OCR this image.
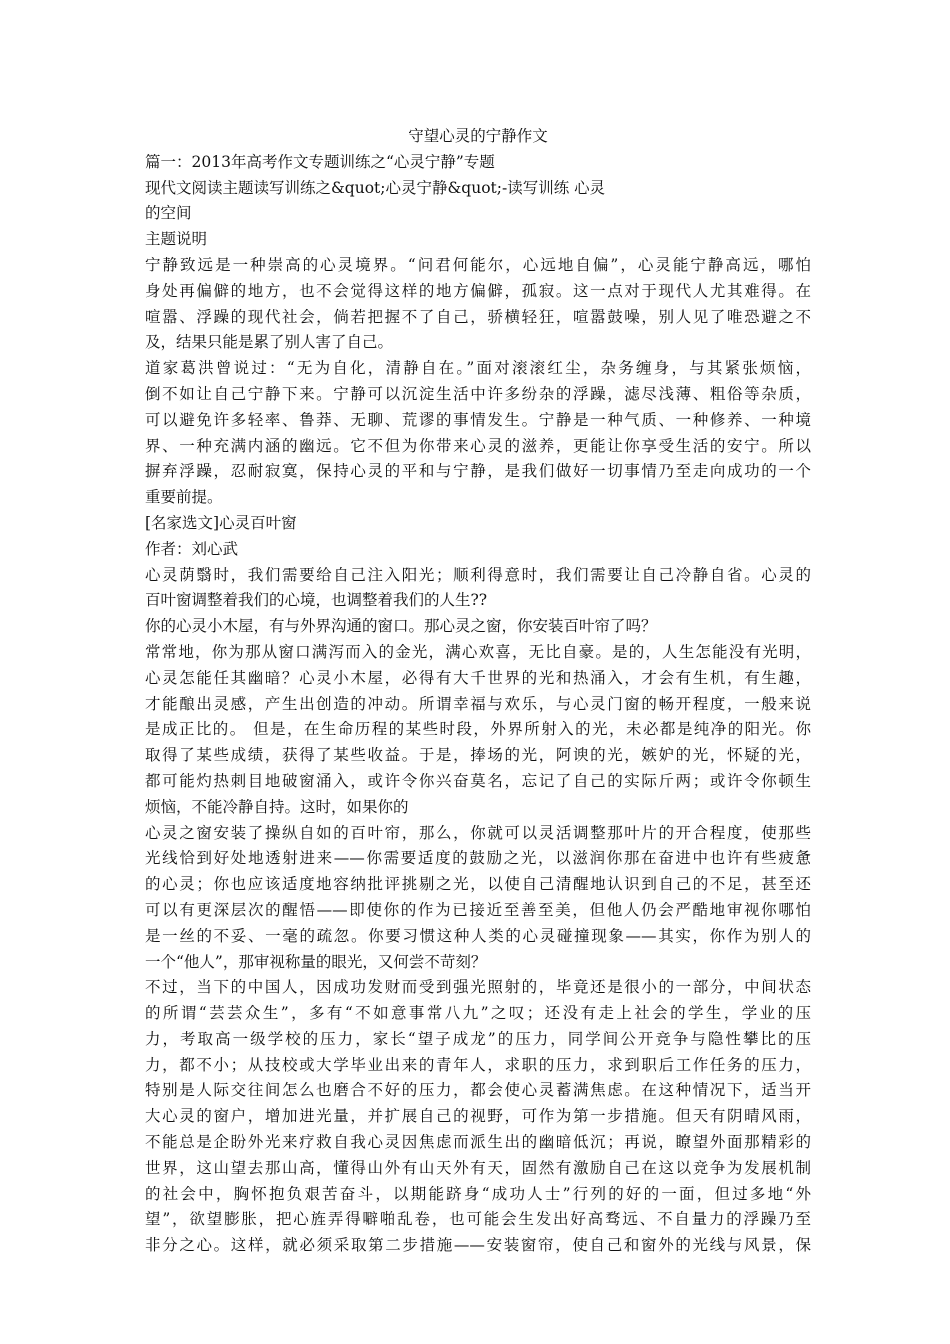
守望心灵的宁静作文
篇一：2013年高考作文专题训练之“心灵宁静”专题
现代文阅读主题读写训练之&quot;心灵宁静&quot;-读写训练 心灵
的空间
主题说明
宁静致远是一种崇高的心灵境界。“问君何能尔，心远地自偏”，心灵能宁静高远，哪怕
身处再偏僻的地方，也不会觉得这样的地方偏僻，孤寂。这一点对于现代人尤其难得。在
喧嚣、浮躁的现代社会，倘若把握不了自己，骄横轻狂，喧嚣鼓噪，别人见了唯恐避之不
及，结果只能是累了别人害了自己。
道家葛洪曾说过：“无为自化，清静自在。”面对滚滚红尘，杂务缠身，与其紧张烦恼，
倒不如让自己宁静下来。宁静可以沉淀生活中许多纷杂的浮躁，滤尽浅薄、粗俗等杂质，
可以避免许多轻率、鲁莽、无聊、荒谬的事情发生。宁静是一种气质、一种修养、一种境
界、一种充满内涵的幽远。它不但为你带来心灵的滋养，更能让你享受生活的安宁。所以
摒弃浮躁，忍耐寂寞，保持心灵的平和与宁静，是我们做好一切事情乃至走向成功的一个
重要前提。
[名家选文]心灵百叶窗
作者：刘心武
心灵荫翳时，我们需要给自己注入阳光；顺利得意时，我们需要让自己冷静自省。心灵的
百叶窗调整着我们的心境，也调整着我们的人生??
你的心灵小木屋，有与外界沟通的窗口。那心灵之窗，你安装百叶帘了吗？
常常地，你为那从窗口满泻而入的金光，满心欢喜，无比自豪。是的，人生怎能没有光明，
心灵怎能任其幽暗？心灵小木屋，必得有大千世界的光和热涌入，才会有生机，有生趣，
才能酿出灵感，产生出创造的冲动。所谓幸福与欢乐，与心灵门窗的畅开程度，一般来说
是成正比的。 但是，在生命历程的某些时段，外界所射入的光，未必都是纯净的阳光。你
取得了某些成绩，获得了某些收益。于是，捧场的光，阿谀的光，嫉妒的光，怀疑的光，
都可能灼热刺目地破窗涌入，或许令你兴奋莫名，忘记了自己的实际斤两；或许令你顿生
烦恼，不能冷静自持。这时，如果你的
心灵之窗安装了操纵自如的百叶帘，那么，你就可以灵活调整那叶片的开合程度，使那些
光线恰到好处地透射进来——你需要适度的鼓励之光，以滋润你那在奋进中也许有些疲惫
的心灵；你也应该适度地容纳批评挑剔之光，以使自己清醒地认识到自己的不足，甚至还
可以有更深层次的醒悟——即使你的作为已接近至善至美，但他人仍会严酷地审视你哪怕
是一丝的不妥、一毫的疏忽。你要习惯这种人类的心灵碰撞现象——其实，你作为别人的
一个“他人”，那审视称量的眼光，又何尝不苛刻？
不过，当下的中国人，因成功发财而受到强光照射的，毕竟还是很小的一部分，中间状态
的所谓“芸芸众生”，多有“不如意事常八九”之叹；还没有走上社会的学生，学业的压
力，考取高一级学校的压力，家长“望子成龙”的压力，同学间公开竞争与隐性攀比的压
力，都不小；从技校或大学毕业出来的青年人，求职的压力，求到职后工作任务的压力，
特别是人际交往间怎么也磨合不好的压力，都会使心灵蓄满焦虑。在这种情况下，适当开
大心灵的窗户，增加进光量，并扩展自己的视野，可作为第一步措施。但天有阴晴风雨，
不能总是企盼外光来疗救自我心灵因焦虑而派生出的幽暗低沉；再说，瞭望外面那精彩的
世界，这山望去那山高，懂得山外有山天外有天，固然有激励自己在这以竞争为发展机制
的社会中，胸怀抱负艰苦奋斗，以期能跻身“成功人士”行列的好的一面，但过多地“外
望”，欲望膨胀，把心旌弄得噼啪乱卷，也可能会生发出好高骛远、不自量力的浮躁乃至
非分之心。这样，就必须采取第二步措施——安装窗帘，使自己和窗外的光线与风景，保
